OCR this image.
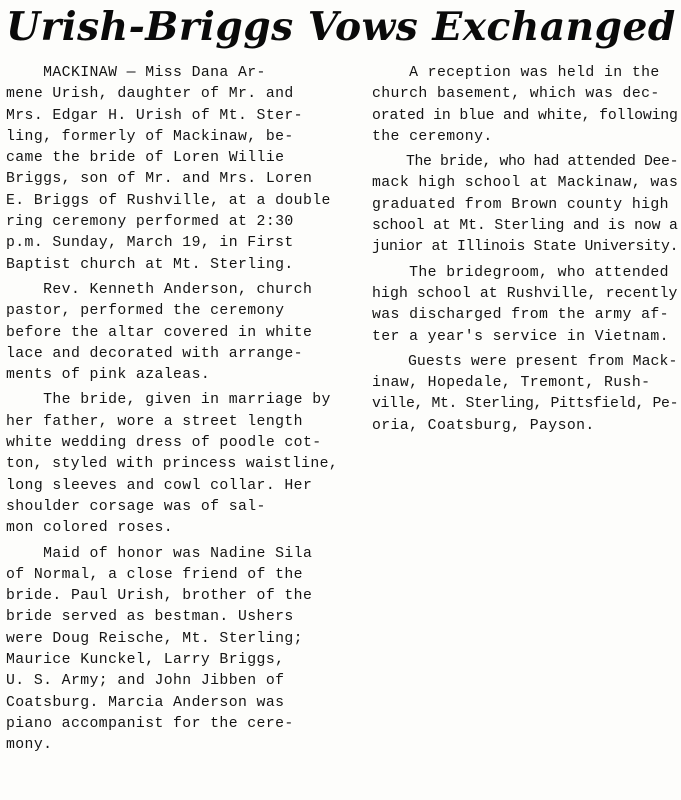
Urish-Briggs Vows Exchanged
MACKINAW — Miss Dana Ar-
mene Urish, daughter of Mr. and
Mrs. Edgar H. Urish of Mt. Ster-
ling, formerly of Mackinaw, be-
came the bride of Loren Willie
Briggs, son of Mr. and Mrs. Loren
E. Briggs of Rushville, at a double
ring ceremony performed at 2:30
p.m. Sunday, March 19, in First
Baptist church at Mt. Sterling.
Rev. Kenneth Anderson, church
pastor, performed the ceremony
before the altar covered in white
lace and decorated with arrange-
ments of pink azaleas.
The bride, given in marriage by
her father, wore a street length
white wedding dress of poodle cot-
ton, styled with princess waistline,
long sleeves and cowl collar. Her
shoulder corsage was of sal-
mon colored roses.
Maid of honor was Nadine Sila
of Normal, a close friend of the
bride. Paul Urish, brother of the
bride served as bestman. Ushers
were Doug Reische, Mt. Sterling;
Maurice Kunckel, Larry Briggs,
U. S. Army; and John Jibben of
Coatsburg. Marcia Anderson was
piano accompanist for the cere-
mony.
A reception was held in the
church basement, which was dec-
orated in blue and white, following
the ceremony.
The bride, who had attended Dee-
mack high school at Mackinaw, was
graduated from Brown county high
school at Mt. Sterling and is now a
junior at Illinois State University.
The bridegroom, who attended
high school at Rushville, recently
was discharged from the army af-
ter a year's service in Vietnam.
Guests were present from Mack-
inaw, Hopedale, Tremont, Rush-
ville, Mt. Sterling, Pittsfield, Pe-
oria, Coatsburg, Payson.
